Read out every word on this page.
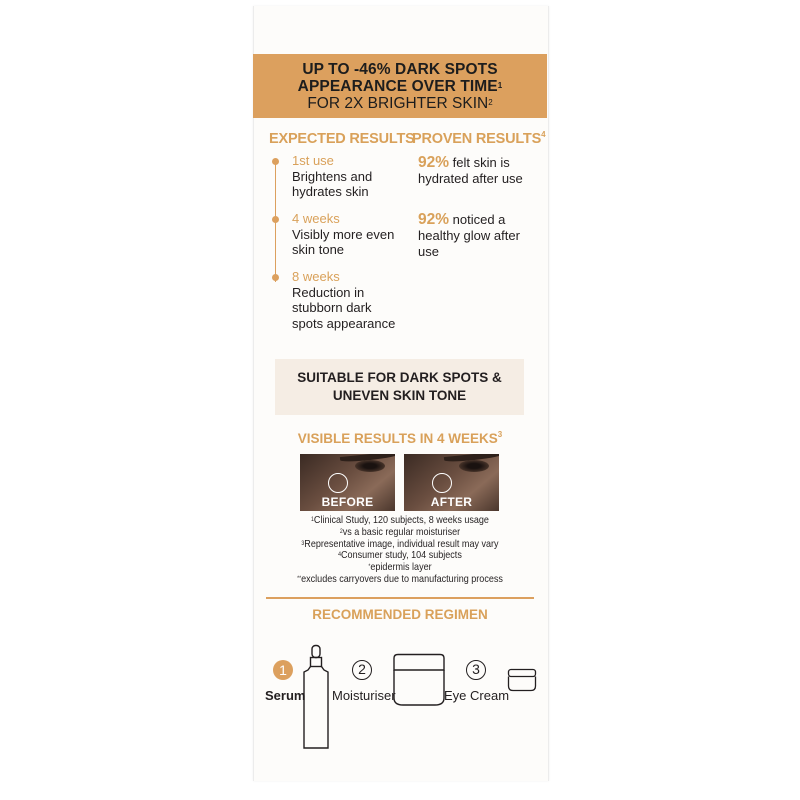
UP TO -46% DARK SPOTS
APPEARANCE OVER TIME$^1$
FOR 2X BRIGHTER SKIN$^2$
EXPECTED RESULTS
PROVEN RESULTS$^4$
1st use
Brightens and hydrates skin
4 weeks
Visibly more even skin tone
8 weeks
Reduction in stubborn dark spots appearance
92% felt skin is
hydrated after use
92% noticed a
healthy glow after use
SUITABLE FOR DARK SPOTS &
UNEVEN SKIN TONE
VISIBLE RESULTS IN 4 WEEKS$^3$
BEFORE	AFTER
$^1$Clinical Study, 120 subjects, 8 weeks usage
$^2$vs a basic regular moisturiser
$^3$Representative image, individual result may vary
$^4$Consumer study, 104 subjects
*epidermis layer
**excludes carryovers due to manufacturing process
RECOMMENDED REGIMEN
1
Serum
2
Moisturiser
3
Eye Cream
